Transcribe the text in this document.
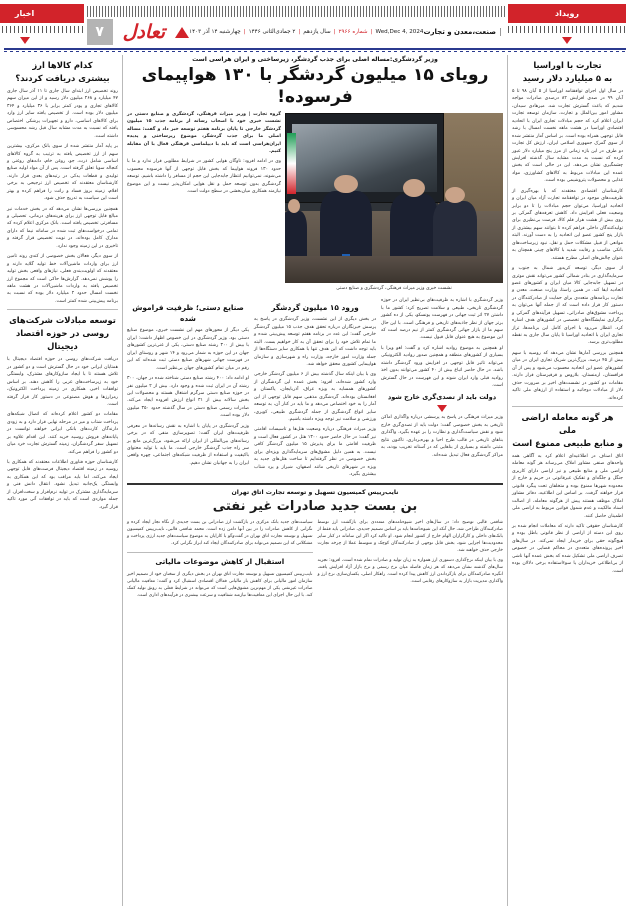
رویداد
صنعت،معدن و تجارت
Wed,Dec 4, 2024
|
شماره ۲۹۶۶
|
سال یازدهم
|
۲ جمادی‌الثانی ۱۴۴۶
|
چهارشنبه ۱۴ آذر ۱۴۰۳
تعادل
۷
اخبار
تجارت با اوراسیا
به ۵ میلیارد دلار رسید
در سال اول اجرای توافقنامه اوراسیا از ۵ آبان ۹۸ تا ۵ آبان ۹۹ در صدی افزایش ۸۲ درصدی صادرات مواجه شدیم که باعث گسترش تجارت شد. میرهادی سیدان، مشاور امور بین‌الملل و تجارت، سازمان توسعه تجارت ایران اعلام کرد که حجم مبادلات تجاری ایران با اتحادیه اقتصادی اوراسیا در هشت ماهه نخست امسال با رشد قابل توجهی همراه بوده است. بر اساس آمار منتشر شده از سوی گمرک جمهوری اسلامی ایران، ارزش کل تجارت دو طرف در این بازه زمانی از مرز پنج میلیارد دلار عبور کرده که نسبت به مدت مشابه سال گذشته افزایش چشمگیری نشان می‌دهد. این در حالی است که بخش عمده این مبادلات مربوط به کالاهای کشاورزی، مواد غذایی و محصولات پتروشیمی بوده است.
کارشناسان اقتصادی معتقدند که با بهره‌گیری از ظرفیت‌های موجود در توافقنامه تجارت آزاد میان ایران و اتحادیه اوراسیا، می‌توان حجم مبادلات را تا دو برابر وضعیت فعلی افزایش داد. کاهش تعرفه‌های گمرکی بر روی بیش از هشت هزار قلم کالا، فرصت بی‌نظیری برای تولیدکنندگان داخلی فراهم کرده تا بتوانند سهم بیشتری از بازار پنج کشور عضو این اتحادیه را به دست آورند. البته موانعی از قبیل مشکلات حمل و نقل، نبود زیرساخت‌های بانکی مناسب و رقابت شدید با کالاهای چینی همچنان به عنوان چالش‌های اصلی مطرح هستند.
از سوی دیگر، توسعه کریدور شمال به جنوب و سرمایه‌گذاری در بنادر شمالی کشور می‌تواند نقش موثری در تسهیل جابه‌جایی کالا میان ایران و کشورهای عضو اتحادیه ایفا کند. در همین راستا، وزارت صنعت، معدن و تجارت برنامه‌های متعددی برای حمایت از صادرکنندگان در دستور کار قرار داده است که از جمله آنها می‌توان به پرداخت مشوق‌های صادراتی، تسهیل فرآیندهای گمرکی و برگزاری نمایشگاه‌های تخصصی در کشورهای هدف اشاره کرد. انتظار می‌رود با اجرای کامل این برنامه‌ها، تراز تجاری ایران با اتحادیه اوراسیا تا پایان سال جاری به نقطه مطلوب‌تری برسد.
همچنین بررسی آمارها نشان می‌دهد که روسیه با سهم بیش از ۴۵ درصد، بزرگ‌ترین شریک تجاری ایران در میان کشورهای عضو این اتحادیه محسوب می‌شود و پس از آن قزاقستان، ارمنستان، بلاروس و قرقیزستان قرار دارند. مقامات دو کشور در نشست‌های اخیر بر ضرورت حذف دلار از مبادلات دوجانبه و استفاده از ارزهای ملی تاکید کرده‌اند.
هر گونه معامله اراضی ملی
و منابع طبیعی ممنوع است
اتاق اصناف در اطلاعیه‌ای اعلام کرد به آگاهی همه واحدهای صنفی مشاور املاک می‌رساند هر گونه معامله اراضی ملی و منابع طبیعی و نیز اراضی دارای کاربری جنگل و جلگه‌ای و تفکیک غیرقانونی در حریم و خارج از محدوده شهرها ممنوع بوده و متخلفان تحت پیگرد قانونی قرار خواهند گرفت. بر اساس این اطلاعیه، دفاتر مشاور املاک موظف هستند پیش از هرگونه معامله، از اصالت اسناد مالکیت و عدم شمول قوانین مربوط به اراضی ملی اطمینان حاصل کنند.
کارشناسان حقوقی تاکید دارند که معاملات انجام شده بر روی این دسته از اراضی از نظر قانونی باطل بوده و هیچ‌گونه حقی برای خریدار ایجاد نمی‌کند. در سال‌های اخیر پرونده‌های متعددی در محاکم قضایی در خصوص تصرف اراضی ملی تشکیل شده که بخش عمده آنها ناشی از بی‌اطلاعی خریداران یا سوءاستفاده برخی دلالان بوده است.
وزیر گردشگری:مساله اصلی برای جذب گردشگر، زیرساختی و ایران هراسی است
رویای ۱۵ میلیون گردشگر با ۱۳۰ هواپیمای فرسوده!
نشست خبری وزیر میراث فرهنگی، گردشگری و صنایع دستی
گروه تجارت | وزیر میراث فرهنگی، گردشگری و صنایع دستی در نشست خبری خود با اصحاب رسانه از برنامه جذب ۱۵ میلیون گردشگر خارجی تا پایان برنامه هفتم توسعه خبر داد و گفت: مساله اصلی ما برای جذب گردشگر، موضوع زیرساختی و پدیده ایران‌هراسی است که باید با دیپلماسی فرهنگی فعال با آن مقابله کنیم.
وی در ادامه افزود: ناوگان هوایی کشور در شرایط مطلوبی قرار ندارد و ما با حدود ۱۳۰ فروند هواپیما که بخش قابل توجهی از آنها فرسوده محسوب می‌شوند، نمی‌توانیم انتظار جابه‌جایی این حجم از مسافر را داشته باشیم. توسعه گردشگری بدون توسعه حمل و نقل هوایی امکان‌پذیر نیست و این موضوع نیازمند همکاری میان‌بخشی در سطح دولت است.
وزیر گردشگری با اشاره به ظرفیت‌های بی‌نظیر ایران در حوزه گردشگری تاریخی، طبیعی و سلامت تصریح کرد: کشور ما با داشتن ۲۷ اثر ثبت جهانی در فهرست یونسکو، یکی از ده کشور برتر جهان از نظر جاذبه‌های تاریخی و فرهنگی است. با این حال سهم ما از بازار جهانی گردشگری کمتر از نیم درصد است که این موضوع به هیچ عنوان قابل قبول نیست.
او همچنین به موضوع روادید اشاره کرد و گفت: لغو ویزا با بسیاری از کشورهای منطقه و همچنین صدور روادید الکترونیکی می‌تواند تاثیر قابل توجهی در افزایش ورود گردشگر داشته باشد. در حال حاضر اتباع بیش از ۴۰ کشور می‌توانند بدون اخذ روادید قبلی وارد ایران شوند و این فهرست در حال گسترش است.
دولت باید از تصدی‌گری خارج شود
وزیر میراث فرهنگی در پاسخ به پرسشی درباره واگذاری اماکن تاریخی به بخش خصوصی گفت: دولت باید از تصدی‌گری خارج شود و نقش سیاست‌گذاری و نظارت را بر عهده بگیرد. واگذاری بناهای تاریخی در قالب طرح احیا و بهره‌برداری، تاکنون نتایج مثبتی داشته و بسیاری از بناهایی که در آستانه تخریب بودند، به مراکز گردشگری فعال تبدیل شده‌اند.
ورود ۱۵ میلیون گردشگر
در بخش دیگری از این نشست، وزیر گردشگری در پاسخ به پرسش خبرنگاران درباره تحقق هدف جذب ۱۵ میلیون گردشگر خارجی گفت: این عدد در برنامه هفتم توسعه پیش‌بینی شده و ما تمام تلاش خود را برای تحقق آن به کار خواهیم بست. البته باید توجه داشت که این هدف تنها با همکاری سایر دستگاه‌ها از جمله وزارت امور خارجه، وزارت راه و شهرسازی و سازمان هواپیمایی کشوری محقق خواهد شد.
وی با بیان اینکه سال گذشته بیش از ۶ میلیون گردشگر خارجی وارد کشور شده‌اند، افزود: بخش عمده این گردشگران از کشورهای همسایه به ویژه عراق، آذربایجان، پاکستان و افغانستان بوده‌اند. گردشگری مذهبی سهم قابل توجهی از این آمار را به خود اختصاص می‌دهد و ما باید در کنار آن، به توسعه سایر انواع گردشگری از جمله گردشگری طبیعی، کویری، ورزشی و سلامت نیز توجه ویژه داشته باشیم.
وزیر میراث فرهنگی درباره وضعیت هتل‌ها و تاسیسات اقامتی نیز گفت: در حال حاضر حدود ۱۳۰۰ هتل در کشور فعال است و ظرفیت اقامتی ما برای پذیرش ۱۵ میلیون گردشگر کافی نیست. به همین دلیل مشوق‌های سرمایه‌گذاری ویژه‌ای برای بخش خصوصی در نظر گرفته‌ایم تا ساخت هتل‌های جدید به ویژه در شهرهای تاریخی مانند اصفهان، شیراز و یزد شتاب بیشتری بگیرد.
صنایع دستی؛ ظرفیت فراموش شده
یکی دیگر از محورهای مهم این نشست خبری، موضوع صنایع دستی بود. وزیر گردشگری در این خصوص اظهار داشت: ایران با بیش از ۳۰۰ رشته صنایع دستی، یکی از غنی‌ترین کشورهای جهان در این حوزه به شمار می‌رود و ۱۴ شهر و روستای ایران در فهرست جهانی شهرهای صنایع دستی ثبت شده‌اند که این رقم در میان تمام کشورهای جهان بی‌نظیر است.
او ادامه داد: ۴۰۰ رشته صنایع دستی شناخته شده در جهان، ۳۰۰ رشته آن در ایران ثبت شده و وجود دارد. بیش از ۲ میلیون نفر در حوزه صنایع دستی سرگرم اشتغال هستند و محصولات این بخش سالانه بیش از ۳۱ انواع ارزش افزوده ایجاد می‌کند. صادرات رسمی صنایع دستی در سال گذشته حدود ۳۵۰ میلیون دلار بوده است.
وزیر گردشگری در پایان با اشاره به نقش رسانه‌ها در معرفی ظرفیت‌های ایران گفت: تصویرسازی منفی که در برخی رسانه‌های بین‌المللی از ایران ارائه می‌شود، بزرگ‌ترین مانع بر سر راه جذب گردشگر خارجی است. ما باید با تولید محتوای باکیفیت و استفاده از ظرفیت شبکه‌های اجتماعی، چهره واقعی ایران را به جهانیان نشان دهیم.
نایب‌رییس کمیسیون تسهیل و توسعه تجارت اتاق تهران
بن بست جدید صادرات غیر نفتی
شافعی قالبی توضیح داد: در سال‌های اخیر شیوه‌نامه‌های متعددی برای بازگشت ارز توسط صادرکنندگان طراحی شد، حال آنکه این شیوه‌نامه‌ها باید بر اساس تصمیم جدیدی، صادراتی باید فقط از بانک‌های داخلی و کارگزاران الهام خارج از کشور انجام شود. او تاکید کرد اگر این سامانه در کنار سایر محدودیت‌ها اجرایی شود، بخش قابل توجهی از صادرکنندگان کوچک و متوسط عملا از چرخه تجارت خارجی حذف خواهند شد.
وی با بیان اینکه نرخ‌گذاری دستوری ارز همواره به زیان تولید و صادرات تمام شده است، افزود: تجربه سال‌های گذشته نشان می‌دهد که هر زمان فاصله میان نرخ رسمی و نرخ بازار آزاد افزایش یافته، انگیزه صادرکنندگان برای بازگرداندن ارز کاهش پیدا کرده است. راهکار اصلی، یکسان‌سازی نرخ ارز و واگذاری مدیریت بازار به سازوکارهای رقابتی است.
سیاست‌های جدید بانک مرکزی در بازگشت ارز صادراتی بن بست جدیدی از نگاه تجار ایجاد کرده و نگرانی از کاهش صادرات را در بین آنها دامن زده است. محمد شافعی قالبی، نایب‌رییس کمیسیون تسهیل و توسعه تجارت اتاق تهران در گفت‌وگو با کارایان به موضوع سیاست‌های جدید ارزی پرداخت و مشکلاتی که این تصمیم می‌تواند برای صادرکنندگان ایجاد کند ابراز نگرانی کرد.
استقبال از کاهش موضوعات مالیاتی
نایب‌رییس کمیسیون تسهیل و توسعه تجارت اتاق تهران در بخش دیگری از سخنان خود از تصمیم اخیر سازمان امور مالیاتی برای کاهش بار مالیاتی فعالان اقتصادی استقبال کرد و گفت: معافیت مالیاتی صادرات غیرنفتی یکی از مهم‌ترین مشوق‌هایی است که می‌تواند در شرایط فعلی به رونق تولید کمک کند. با این حال اجرای این معافیت‌ها نیازمند شفافیت و سرعت بیشتری در فرآیندهای اداری است.
کدام کالاها ارز
بیشتری دریافت کردند؟
روند تخصیص ارز ابتدای سال جاری تا ۱۱ آذر سال جاری ۴۷ میلیارد و ۲۶۸ میلیون دلار رسید و از این میزان سهم کالاهای تجاری و پودر کمتر برابر با ۳۶ میلیارد و ۳۶۴ میلیون دلار بوده است. از تخصیص یافته سایر ارز وارد برای کالاهای اساسی، دارو و تجهیزات پزشکی اختصاص یافته که نسبت به مدت مشابه سال قبل رشد محسوسی داشته است.
بر پایه آمار منتشر شده از سوی بانک مرکزی، بیشترین سهم از ارز تخصیص یافته به ترتیب به گروه کالاهای اساسی شامل ذرت، جو، روغن خام، دانه‌های روغنی و کنجاله سویا تعلق گرفته است. پس از آن مواد اولیه صنایع تولیدی و قطعات یدکی در رتبه‌های بعدی قرار دارند. کارشناسان معتقدند که تخصیص ارز ترجیحی به برخی اقلام، زمینه بروز فساد و رانت را فراهم کرده و بهتر است این سیاست به تدریج حذف شود.
همچنین بررسی‌ها نشان می‌دهد که در بخش خدمات نیز مبالغ قابل توجهی ارز برای هزینه‌های درمانی، تحصیلی و مسافرتی تخصیص یافته است. بانک مرکزی اعلام کرده که تمامی درخواست‌های ثبت شده در سامانه نیما که دارای مدارک کامل بوده‌اند، در نوبت تخصیص قرار گرفته و تاخیری در این زمینه وجود ندارد.
از سوی دیگر، فعالان بخش خصوصی از کندی روند تامین ارز برای واردات ماشین‌آلات خط تولید گلایه دارند و معتقدند که اولویت‌بندی فعلی، نیازهای واقعی بخش تولید را پوشش نمی‌دهد. گزارش‌ها حاکی است که مجموع ارز تخصیص یافته به واردات ماشین‌آلات در هشت ماهه نخست امسال حدود ۲ میلیارد دلار بوده که نسبت به برنامه پیش‌بینی شده کمتر است.
توسعه مبادلات شرکت‌های
روسی در حوزه اقتصاد دیجیتال
دریافت شرکت‌های روسی در حوزه اقتصاد دیجیتال با همتایان ایرانی خود در حال گسترش است و دو کشور در تلاش هستند تا با ایجاد سازوکارهای مشترک، وابستگی خود به زیرساخت‌های غربی را کاهش دهند. بر اساس توافقات اخیر، همکاری در زمینه پرداخت الکترونیک، رمزارزها و هوش مصنوعی در دستور کار قرار گرفته است.
مقامات دو کشور اعلام کرده‌اند که اتصال شبکه‌های پرداخت شتاب و میر در مرحله نهایی قرار دارد و به زودی دارندگان کارت‌های بانکی ایرانی خواهند توانست در پایانه‌های فروش روسیه خرید کنند. این اقدام علاوه بر تسهیل سفر گردشگران، زمینه گسترش تجارت خرد میان دو کشور را فراهم می‌کند.
کارشناسان حوزه فناوری اطلاعات معتقدند که همکاری با روسیه در زمینه اقتصاد دیجیتال فرصت‌های قابل توجهی ایجاد می‌کند، اما باید مراقب بود که این همکاری به وابستگی یک‌جانبه تبدیل نشود. انتقال دانش فنی و سرمایه‌گذاری مشترک در تولید نرم‌افزار و سخت‌افزار، از جمله مواردی است که باید در توافقات آتی مورد تاکید قرار گیرد.
